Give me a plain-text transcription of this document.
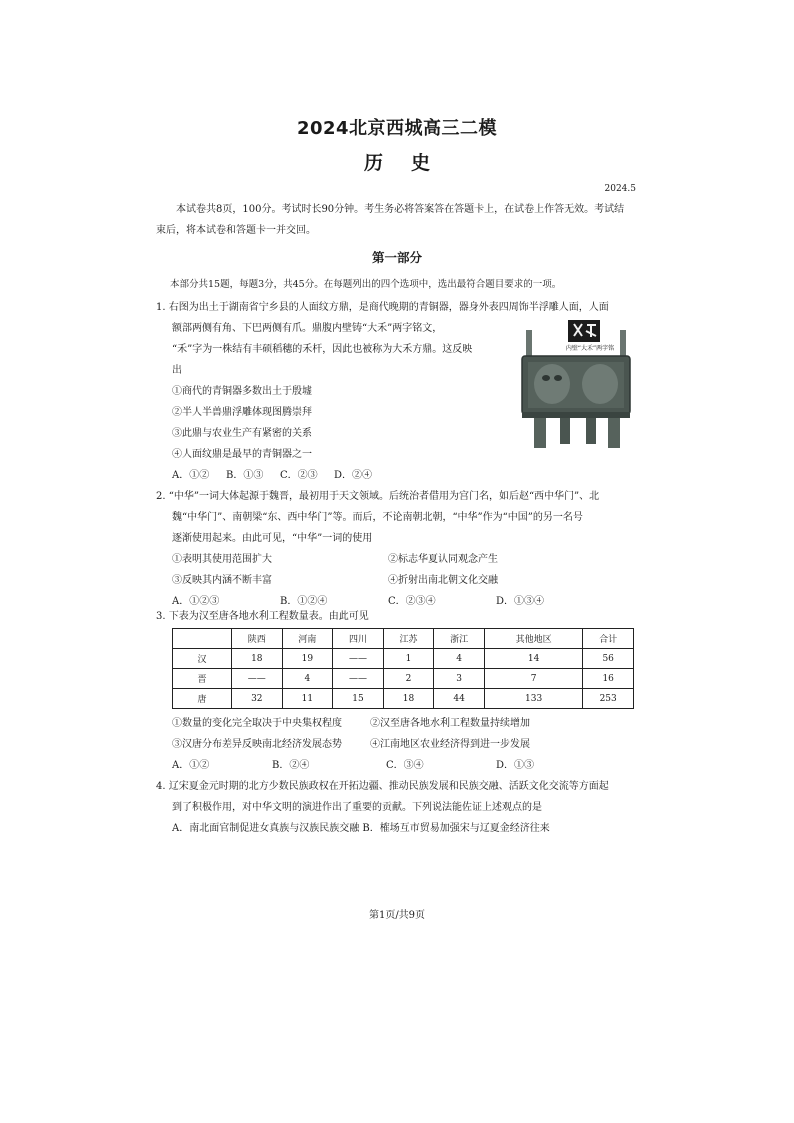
2024北京西城高三二模
历史
2024.5
本试卷共8页，100分。考试时长90分钟。考生务必将答案答在答题卡上，在试卷上作答无效。考试结
束后，将本试卷和答题卡一并交回。
第一部分
本部分共15题，每题3分，共45分。在每题列出的四个选项中，选出最符合题目要求的一项。
1. 右图为出土于湖南省宁乡县的人面纹方鼎，是商代晚期的青铜器，器身外表四周饰半浮雕人面，人面
额部两侧有角、下巴两侧有爪。鼎腹内壁铸“大禾”两字铭文，
“禾”字为一株结有丰硕稻穗的禾杆，因此也被称为大禾方鼎。这反映
出
①商代的青铜器多数出土于殷墟
②半人半兽鼎浮雕体现图腾崇拜
③此鼎与农业生产有紧密的关系
④人面纹鼎是最早的青铜器之一
A．①② B．①③ C．②③ D．②④
内壁“大禾”两字铭
2. “中华”一词大体起源于魏晋，最初用于天文领域。后统治者借用为宫门名，如后赵“西中华门”、北
魏“中华门”、南朝梁“东、西中华门”等。而后，不论南朝北朝，“中华”作为“中国”的另一名号
逐渐使用起来。由此可见，“中华”一词的使用
①表明其使用范围扩大	②标志华夏认同观念产生
③反映其内涵不断丰富	④折射出南北朝文化交融
A．①②③	B．①②④	C．②③④	D．①③④
3. 下表为汉至唐各地水利工程数量表。由此可见
	陕西	河南	四川	江苏	浙江	其他地区	合计
汉	18	19	——	1	4	14	56
晋	——	4	——	2	3	7	16
唐	32	11	15	18	44	133	253
①数量的变化完全取决于中央集权程度	②汉至唐各地水利工程数量持续增加
③汉唐分布差异反映南北经济发展态势	④江南地区农业经济得到进一步发展
A．①②	B．②④	C．③④	D．①③
4. 辽宋夏金元时期的北方少数民族政权在开拓边疆、推动民族发展和民族交融、活跃文化交流等方面起
到了积极作用，对中华文明的演进作出了重要的贡献。下列说法能佐证上述观点的是
A．南北面官制促进女真族与汉族民族交融 B．榷场互市贸易加强宋与辽夏金经济往来
第1页/共9页
